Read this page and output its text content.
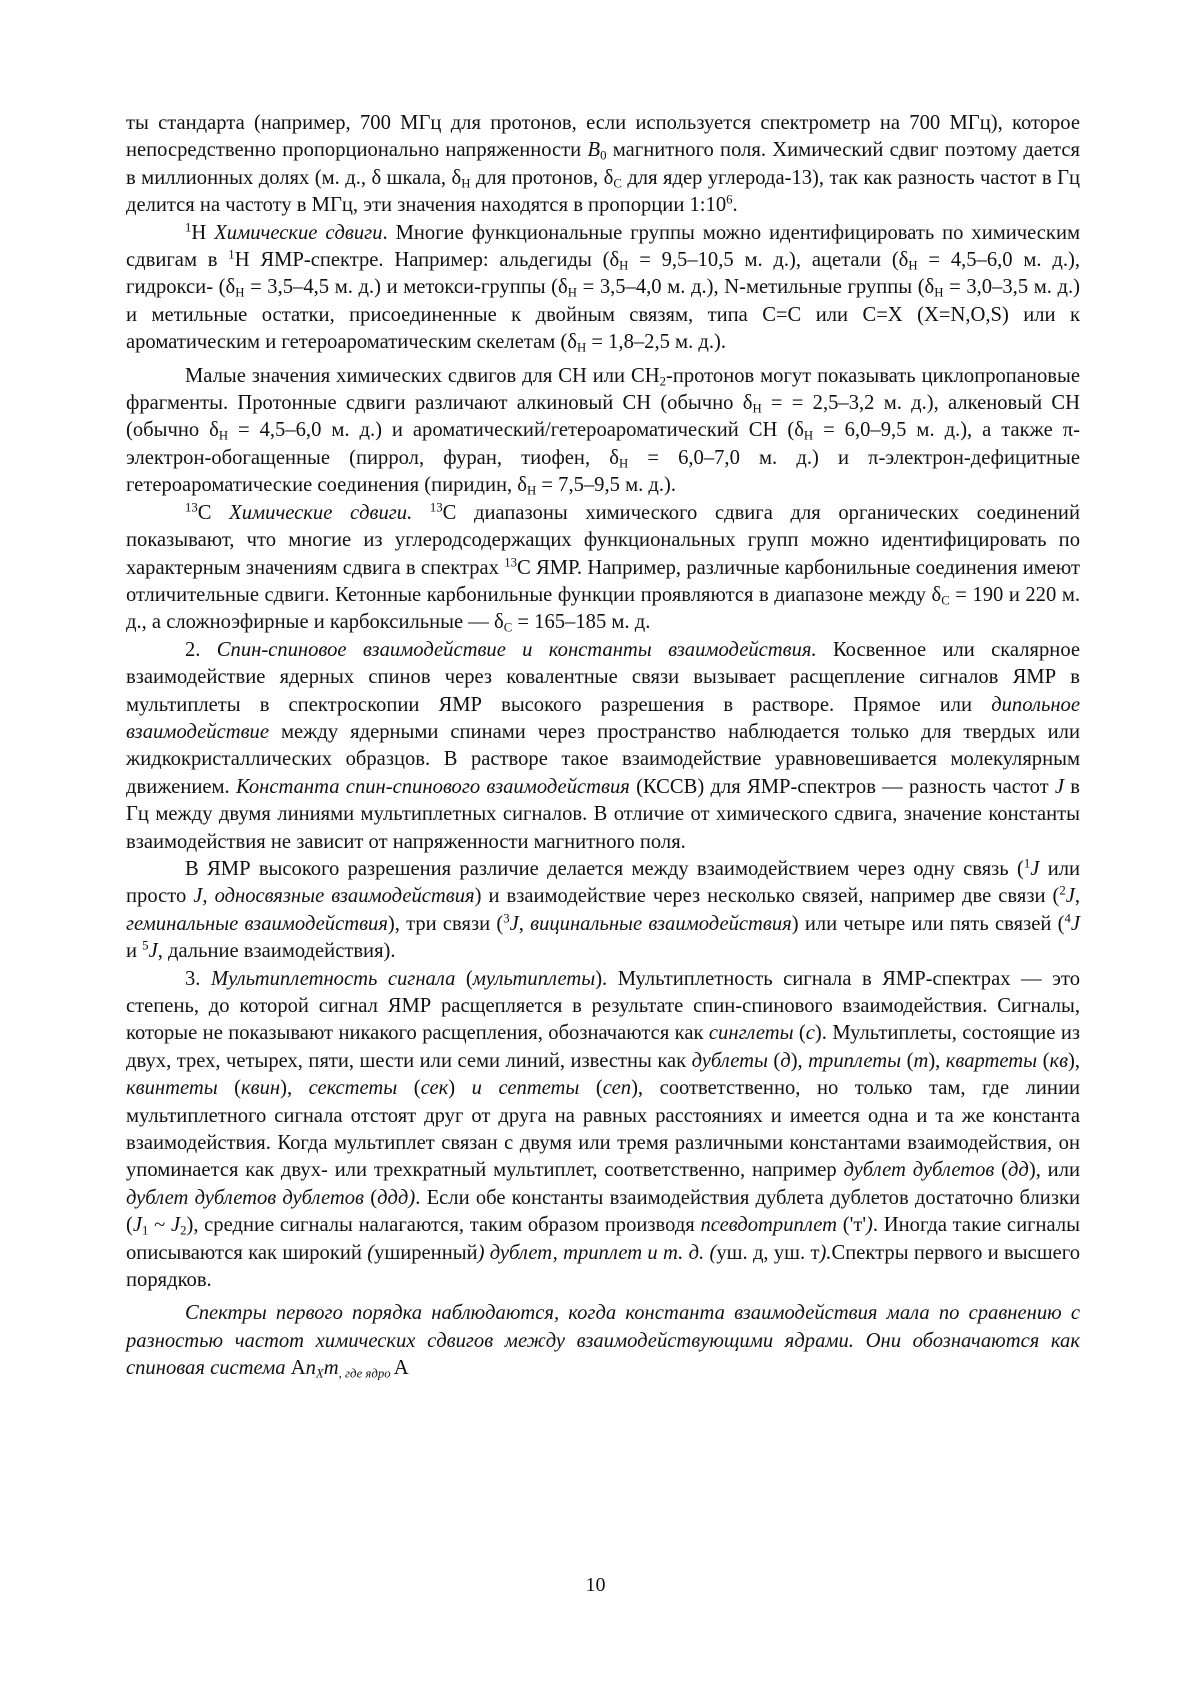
ты стандарта (например, 700 МГц для протонов, если используется спектрометр на 700 МГц), которое непосредственно пропорционально напряженности $B_0$ магнитного поля. Химический сдвиг поэтому дается в миллионных долях (м. д., δ шкала, $\delta_H$ для протонов, $\delta_C$ для ядер углерода-13), так как разность частот в Гц делится на частоту в МГц, эти значения находятся в пропорции $1:10^6$.

$^1$H Химические сдвиги. Многие функциональные группы можно идентифицировать по химическим сдвигам в $^1$H ЯМР-спектре. Например: альдегиды ($\delta_H = 9,5-10,5$ м. д.), ацетали ($\delta_H = 4,5-6,0$ м. д.), гидрокси- ($\delta_H = 3,5-4,5$ м. д.) и метокси-группы ($\delta_H = 3,5-4,0$ м. д.), N-метильные группы ($\delta_H = 3,0-3,5$ м. д.) и метильные остатки, присоединенные к двойным связям, типа C=C или C=X (X=N,O,S) или к ароматическим и гетероароматическим скелетам ($\delta_H = 1,8-2,5$ м. д.).

Малые значения химических сдвигов для CH или $CH_2$-протонов могут показывать циклопропановые фрагменты. Протонные сдвиги различают алкиновый CH (обычно $\delta_H$ = = 2,5–3,2 м. д.), алкеновый CH (обычно $\delta_H = 4,5-6,0$ м. д.) и ароматический/гетероароматический CH ($\delta_H = 6,0-9,5$ м. д.), а также π-электрон-обогащенные (пиррол, фуран, тиофен, $\delta_H = 6,0-7,0$ м. д.) и π-электрон-дефицитные гетероароматические соединения (пиридин, $\delta_H = 7,5-9,5$ м. д.).

$^{13}$C Химические сдвиги. $^{13}$C диапазоны химического сдвига для органических соединений показывают, что многие из углеродсодержащих функциональных групп можно идентифицировать по характерным значениям сдвига в спектрах $^{13}$C ЯМР. Например, различные карбонильные соединения имеют отличительные сдвиги. Кетонные карбонильные функции проявляются в диапазоне между $\delta_C = 190$ и 220 м. д., а сложноэфирные и карбоксильные — $\delta_C = 165-185$ м. д.

2. Спин-спиновое взаимодействие и константы взаимодействия. Косвенное или скалярное взаимодействие ядерных спинов через ковалентные связи вызывает расщепление сигналов ЯМР в мультиплеты в спектроскопии ЯМР высокого разрешения в растворе. Прямое или дипольное взаимодействие между ядерными спинами через пространство наблюдается только для твердых или жидкокристаллических образцов. В растворе такое взаимодействие уравновешивается молекулярным движением. Константа спин-спинового взаимодействия (КССВ) для ЯМР-спектров — разность частот J в Гц между двумя линиями мультиплетных сигналов. В отличие от химического сдвига, значение константы взаимодействия не зависит от напряженности магнитного поля.

В ЯМР высокого разрешения различие делается между взаимодействием через одну связь ($^1$J или просто J, односвязные взаимодействия) и взаимодействие через несколько связей, например две связи ($^2$J, геминальные взаимодействия), три связи ($^3$J, вицинальные взаимодействия) или четыре или пять связей ($^4$J и $^5$J, дальние взаимодействия).

3. Мультиплетность сигнала (мультиплеты). Мультиплетность сигнала в ЯМР-спектрах — это степень, до которой сигнал ЯМР расщепляется в результате спин-спинового взаимодействия. Сигналы, которые не показывают никакого расщепления, обозначаются как синглеты (с). Мультиплеты, состоящие из двух, трех, четырех, пяти, шести или семи линий, известны как дублеты (д), триплеты (т), квартеты (кв), квинтеты (квин), секстеты (сек) и септеты (сеп), соответственно, но только там, где линии мультиплетного сигнала отстоят друг от друга на равных расстояниях и имеется одна и та же константа взаимодействия. Когда мультиплет связан с двумя или тремя различными константами взаимодействия, он упоминается как двух- или трехкратный мультиплет, соответственно, например дублет дублетов (дд), или дублет дублетов дублетов (ддд). Если обе константы взаимодействия дублета дублетов достаточно близки ($J_1$ ~ $J_2$), средние сигналы налагаются, таким образом производя псевдотриплет ('т'). Иногда такие сигналы описываются как широкий (уширенный) дублет, триплет и т. д. (уш. д, уш. т).Спектры первого и высшего порядков.

Спектры первого порядка наблюдаются, когда константа взаимодействия мала по сравнению с разностью частот химических сдвигов между взаимодействующими ядрами. Они обозначаются как спиновая система $An_Xm_{, где ядро}$ A

10
